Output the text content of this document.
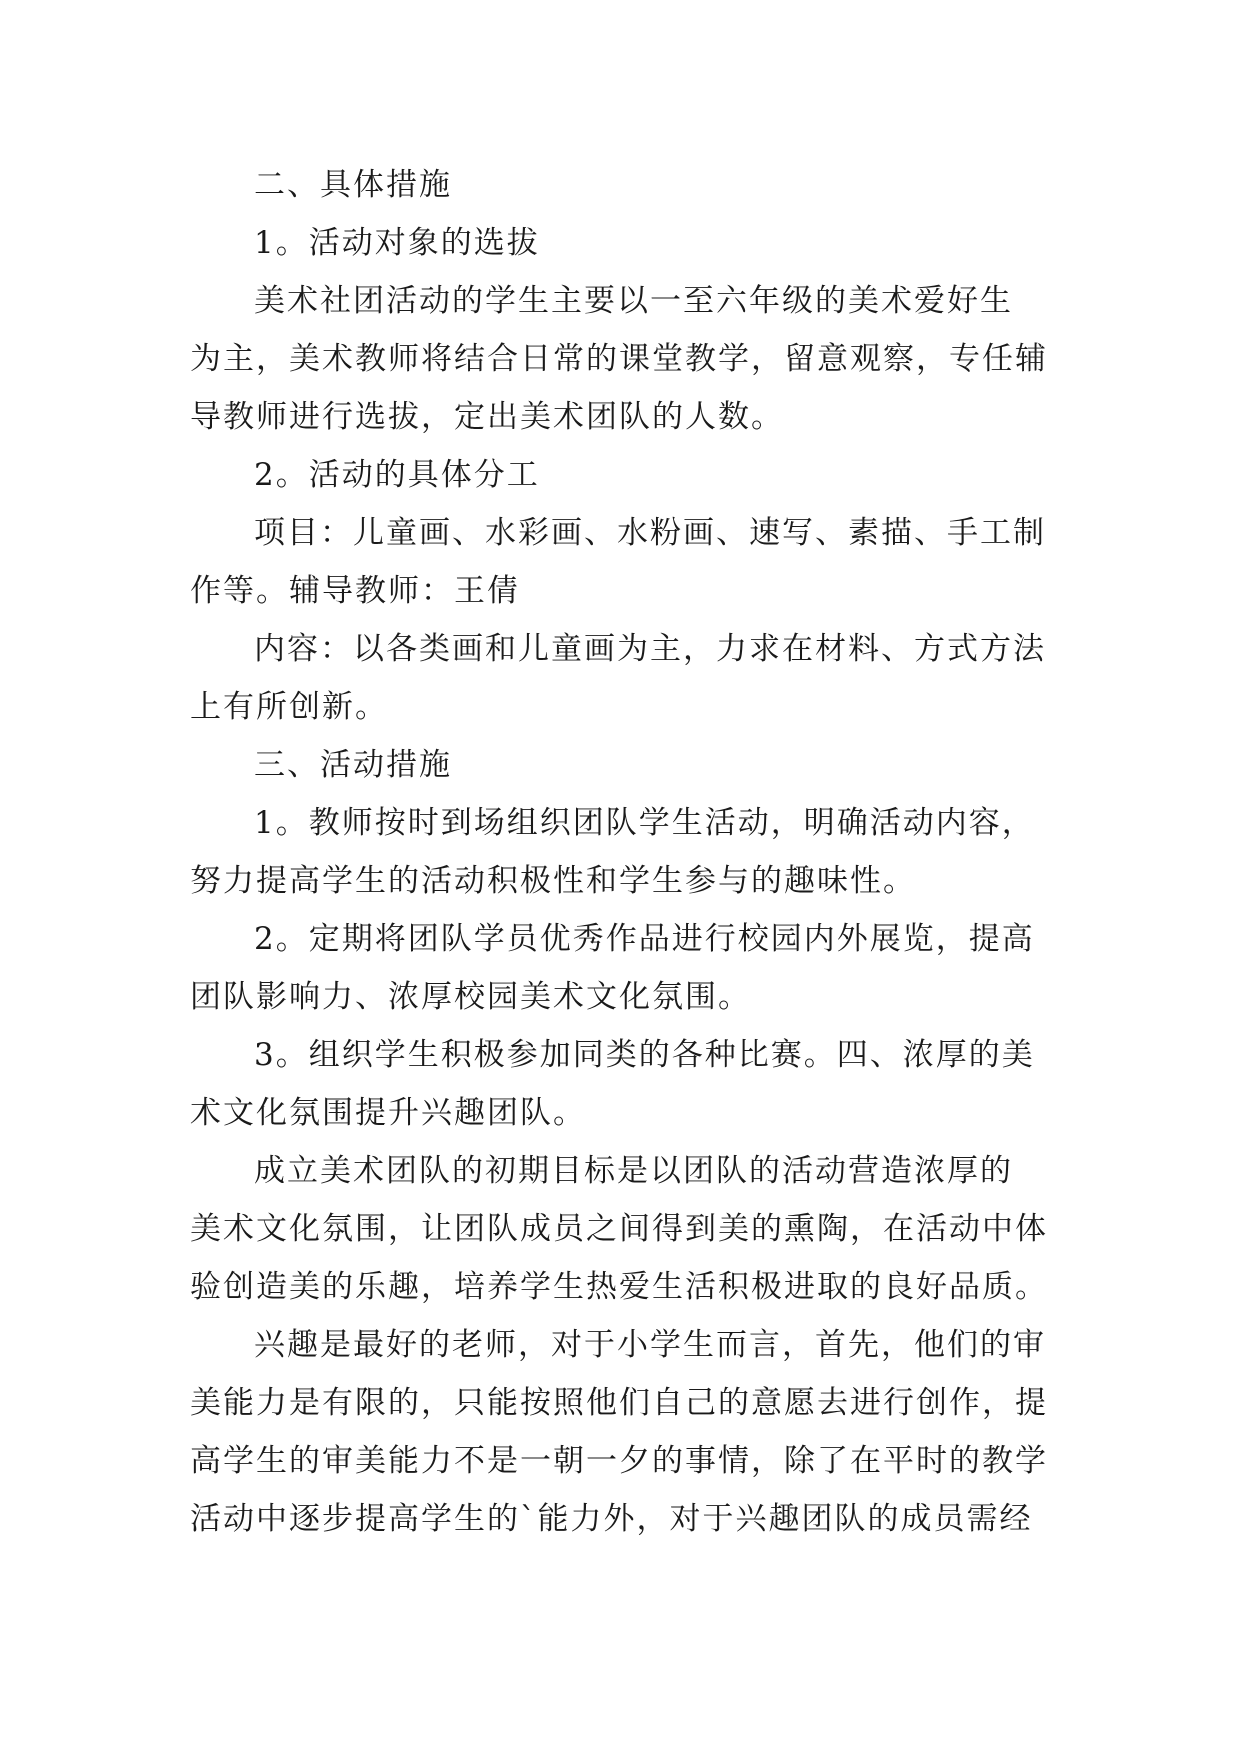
二、具体措施
1。活动对象的选拔
美术社团活动的学生主要以一至六年级的美术爱好生
为主，美术教师将结合日常的课堂教学，留意观察，专任辅
导教师进行选拔，定出美术团队的人数。
2。活动的具体分工
项目：儿童画、水彩画、水粉画、速写、素描、手工制
作等。辅导教师：王倩
内容：以各类画和儿童画为主，力求在材料、方式方法
上有所创新。
三、活动措施
1。教师按时到场组织团队学生活动，明确活动内容，
努力提高学生的活动积极性和学生参与的趣味性。
2。定期将团队学员优秀作品进行校园内外展览，提高
团队影响力、浓厚校园美术文化氛围。
3。组织学生积极参加同类的各种比赛。四、浓厚的美
术文化氛围提升兴趣团队。
成立美术团队的初期目标是以团队的活动营造浓厚的
美术文化氛围，让团队成员之间得到美的熏陶，在活动中体
验创造美的乐趣，培养学生热爱生活积极进取的良好品质。
兴趣是最好的老师，对于小学生而言，首先，他们的审
美能力是有限的，只能按照他们自己的意愿去进行创作，提
高学生的审美能力不是一朝一夕的事情，除了在平时的教学
活动中逐步提高学生的`能力外，对于兴趣团队的成员需经
